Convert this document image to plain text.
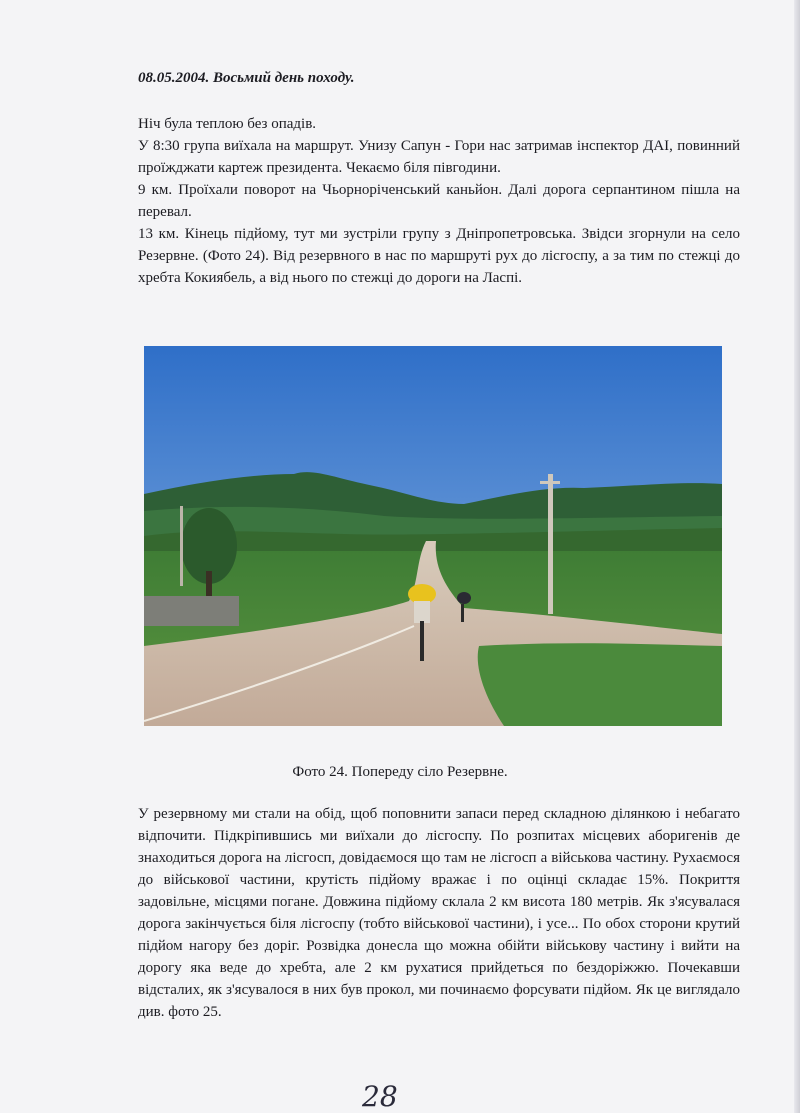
08.05.2004. Восьмий день походу.

Ніч була теплою без опадів.

У 8:30 група виїхала на маршрут. Унизу Сапун - Гори нас затримав інспектор ДАІ, повинний проїжджати картеж президента. Чекаємо біля півгодини.

9 км. Проїхали поворот на Чьорноріченський каньйон. Далі дорога серпантином пішла на перевал.

13 км. Кінець підйому, тут ми зустріли групу з Дніпропетровська. Звідси згорнули на село Резервне. (Фото 24). Від резервного в нас по маршруті рух до лісгоспу, а за тим по стежці до хребта Кокиябель, а від нього по стежці до дороги на Ласпі.

Фото 24. Попереду сіло Резервне.

У резервному ми стали на обід, щоб поповнити запаси перед складною ділянкою і небагато відпочити. Підкріпившись ми виїхали до лісгоспу. По розпитах місцевих аборигенів де знаходиться дорога на лісгосп, довідаємося що там не лісгосп а військова частину. Рухаємося до військової частини, крутість підйому вражає і по оцінці складає 15%. Покриття задовільне, місцями погане. Довжина підйому склала 2 км висота 180 метрів. Як з'ясувалася дорога закінчується біля лісгоспу (тобто військової частини), і усе... По обох сторони крутий підйом нагору без доріг. Розвідка донесла що можна обійти військову частину і вийти на дорогу яка веде до хребта, але 2 км рухатися прийдеться по бездоріжжю. Почекавши відсталих, як з'ясувалося в них був прокол, ми починаємо форсувати підйом. Як це виглядало див. фото 25.

28
